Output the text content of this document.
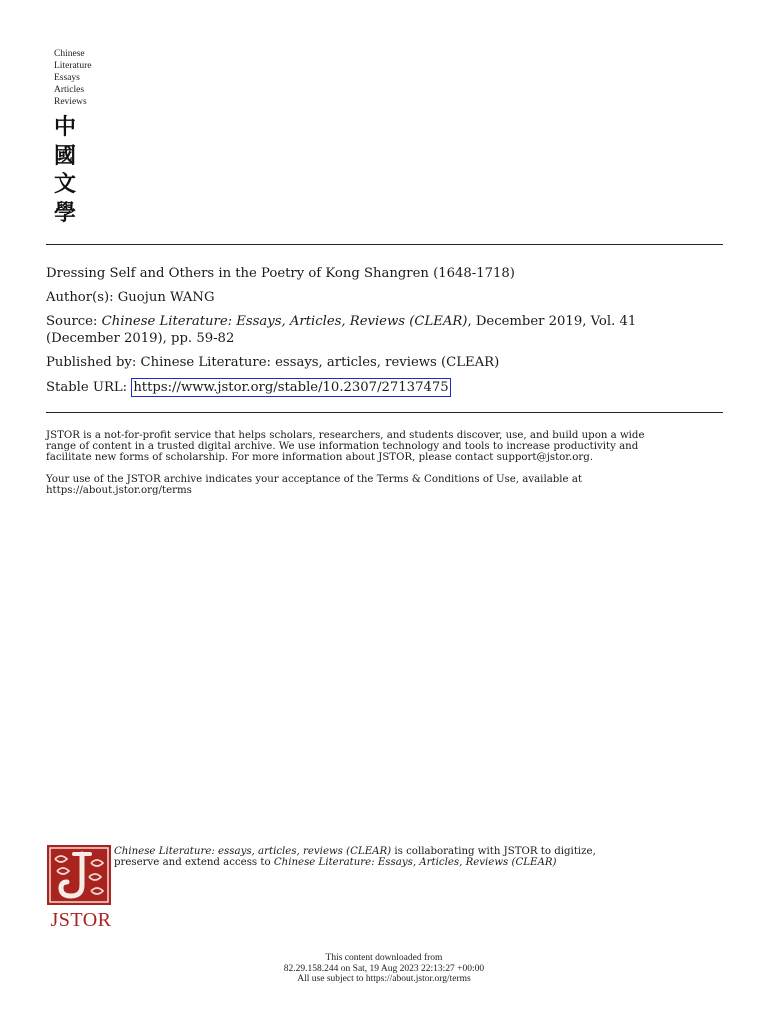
Chinese
Literature
Essays
Articles
Reviews
中
國
文
學

Dressing Self and Others in the Poetry of Kong Shangren (1648-1718)

Author(s): Guojun WANG

Source: Chinese Literature: Essays, Articles, Reviews (CLEAR), December 2019, Vol. 41

(December 2019), pp. 59-82

Published by: Chinese Literature: essays, articles, reviews (CLEAR)

Stable URL: https://www.jstor.org/stable/10.2307/27137475

JSTOR is a not-for-profit service that helps scholars, researchers, and students discover, use, and build upon a wide

range of content in a trusted digital archive. We use information technology and tools to increase productivity and

facilitate new forms of scholarship. For more information about JSTOR, please contact support@jstor.org.

Your use of the JSTOR archive indicates your acceptance of the Terms & Conditions of Use, available at

https://about.jstor.org/terms

JSTOR
Chinese Literature: essays, articles, reviews (CLEAR) is collaborating with JSTOR to digitize,
preserve and extend access to Chinese Literature: Essays, Articles, Reviews (CLEAR)
This content downloaded from
82.29.158.244 on Sat, 19 Aug 2023 22:13:27 +00:00
All use subject to https://about.jstor.org/terms
